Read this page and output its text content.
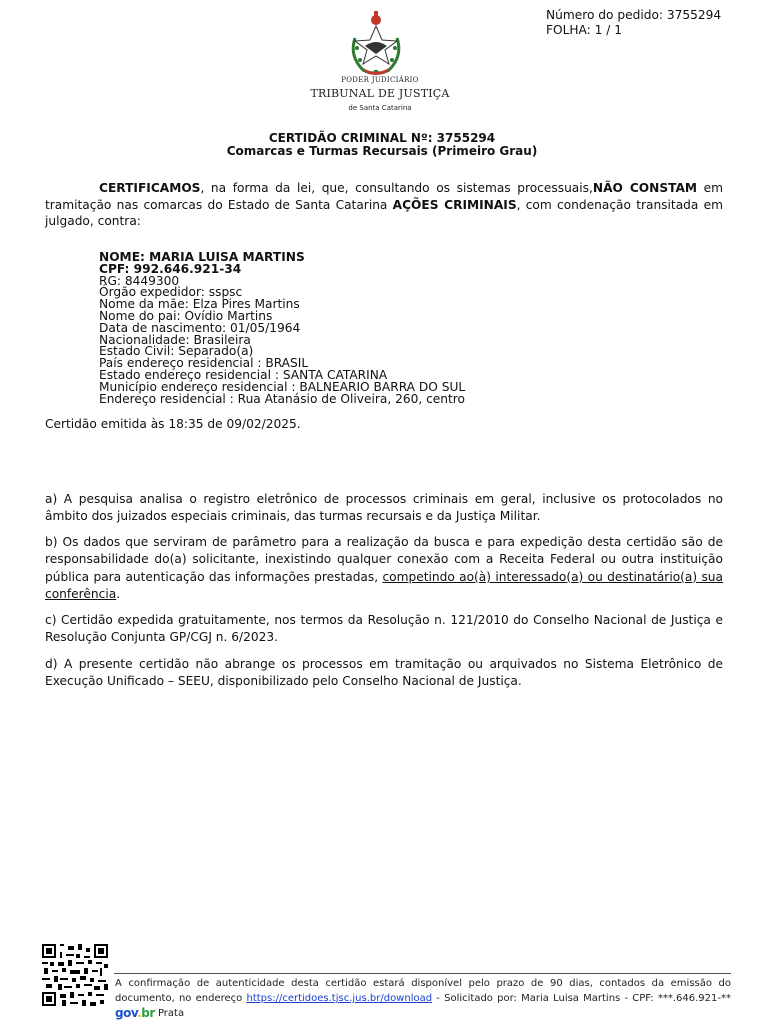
PODER JUDICIÁRIO
TRIBUNAL DE JUSTIÇA
de Santa Catarina
Número do pedido: 3755294
FOLHA: 1 / 1
CERTIDÃO CRIMINAL Nº: 3755294
Comarcas e Turmas Recursais (Primeiro Grau)
CERTIFICAMOS, na forma da lei, que, consultando os sistemas processuais,NÃO CONSTAM em tramitação nas comarcas do Estado de Santa Catarina AÇÕES CRIMINAIS, com condenação transitada em julgado, contra:
NOME: MARIA LUISA MARTINS
CPF: 992.646.921-34
RG: 8449300
Órgão expedidor: sspsc
Nome da mãe: Elza Pires Martins
Nome do pai: Ovídio Martins
Data de nascimento: 01/05/1964
Nacionalidade: Brasileira
Estado Civil: Separado(a)
País endereço residencial : BRASIL
Estado endereço residencial : SANTA CATARINA
Município endereço residencial : BALNEARIO BARRA DO SUL
Endereço residencial : Rua Atanásio de Oliveira, 260, centro
Certidão emitida às 18:35 de 09/02/2025.
a) A pesquisa analisa o registro eletrônico de processos criminais em geral, inclusive os protocolados no âmbito dos juizados especiais criminais, das turmas recursais e da Justiça Militar.
b) Os dados que serviram de parâmetro para a realização da busca e para expedição desta certidão são de responsabilidade do(a) solicitante, inexistindo qualquer conexão com a Receita Federal ou outra instituição pública para autenticação das informações prestadas, competindo ao(à) interessado(a) ou destinatário(a) sua conferência.
c) Certidão expedida gratuitamente, nos termos da Resolução n. 121/2010 do Conselho Nacional de Justiça e Resolução Conjunta GP/CGJ n. 6/2023.
d) A presente certidão não abrange os processos em tramitação ou arquivados no Sistema Eletrônico de Execução Unificado – SEEU, disponibilizado pelo Conselho Nacional de Justiça.
A confirmação de autenticidade desta certidão estará disponível pelo prazo de 90 dias, contados da emissão do documento, no endereço https://certidoes.tjsc.jus.br/download - Solicitado por: Maria Luisa Martins - CPF: ***.646.921-** gov.br Prata
